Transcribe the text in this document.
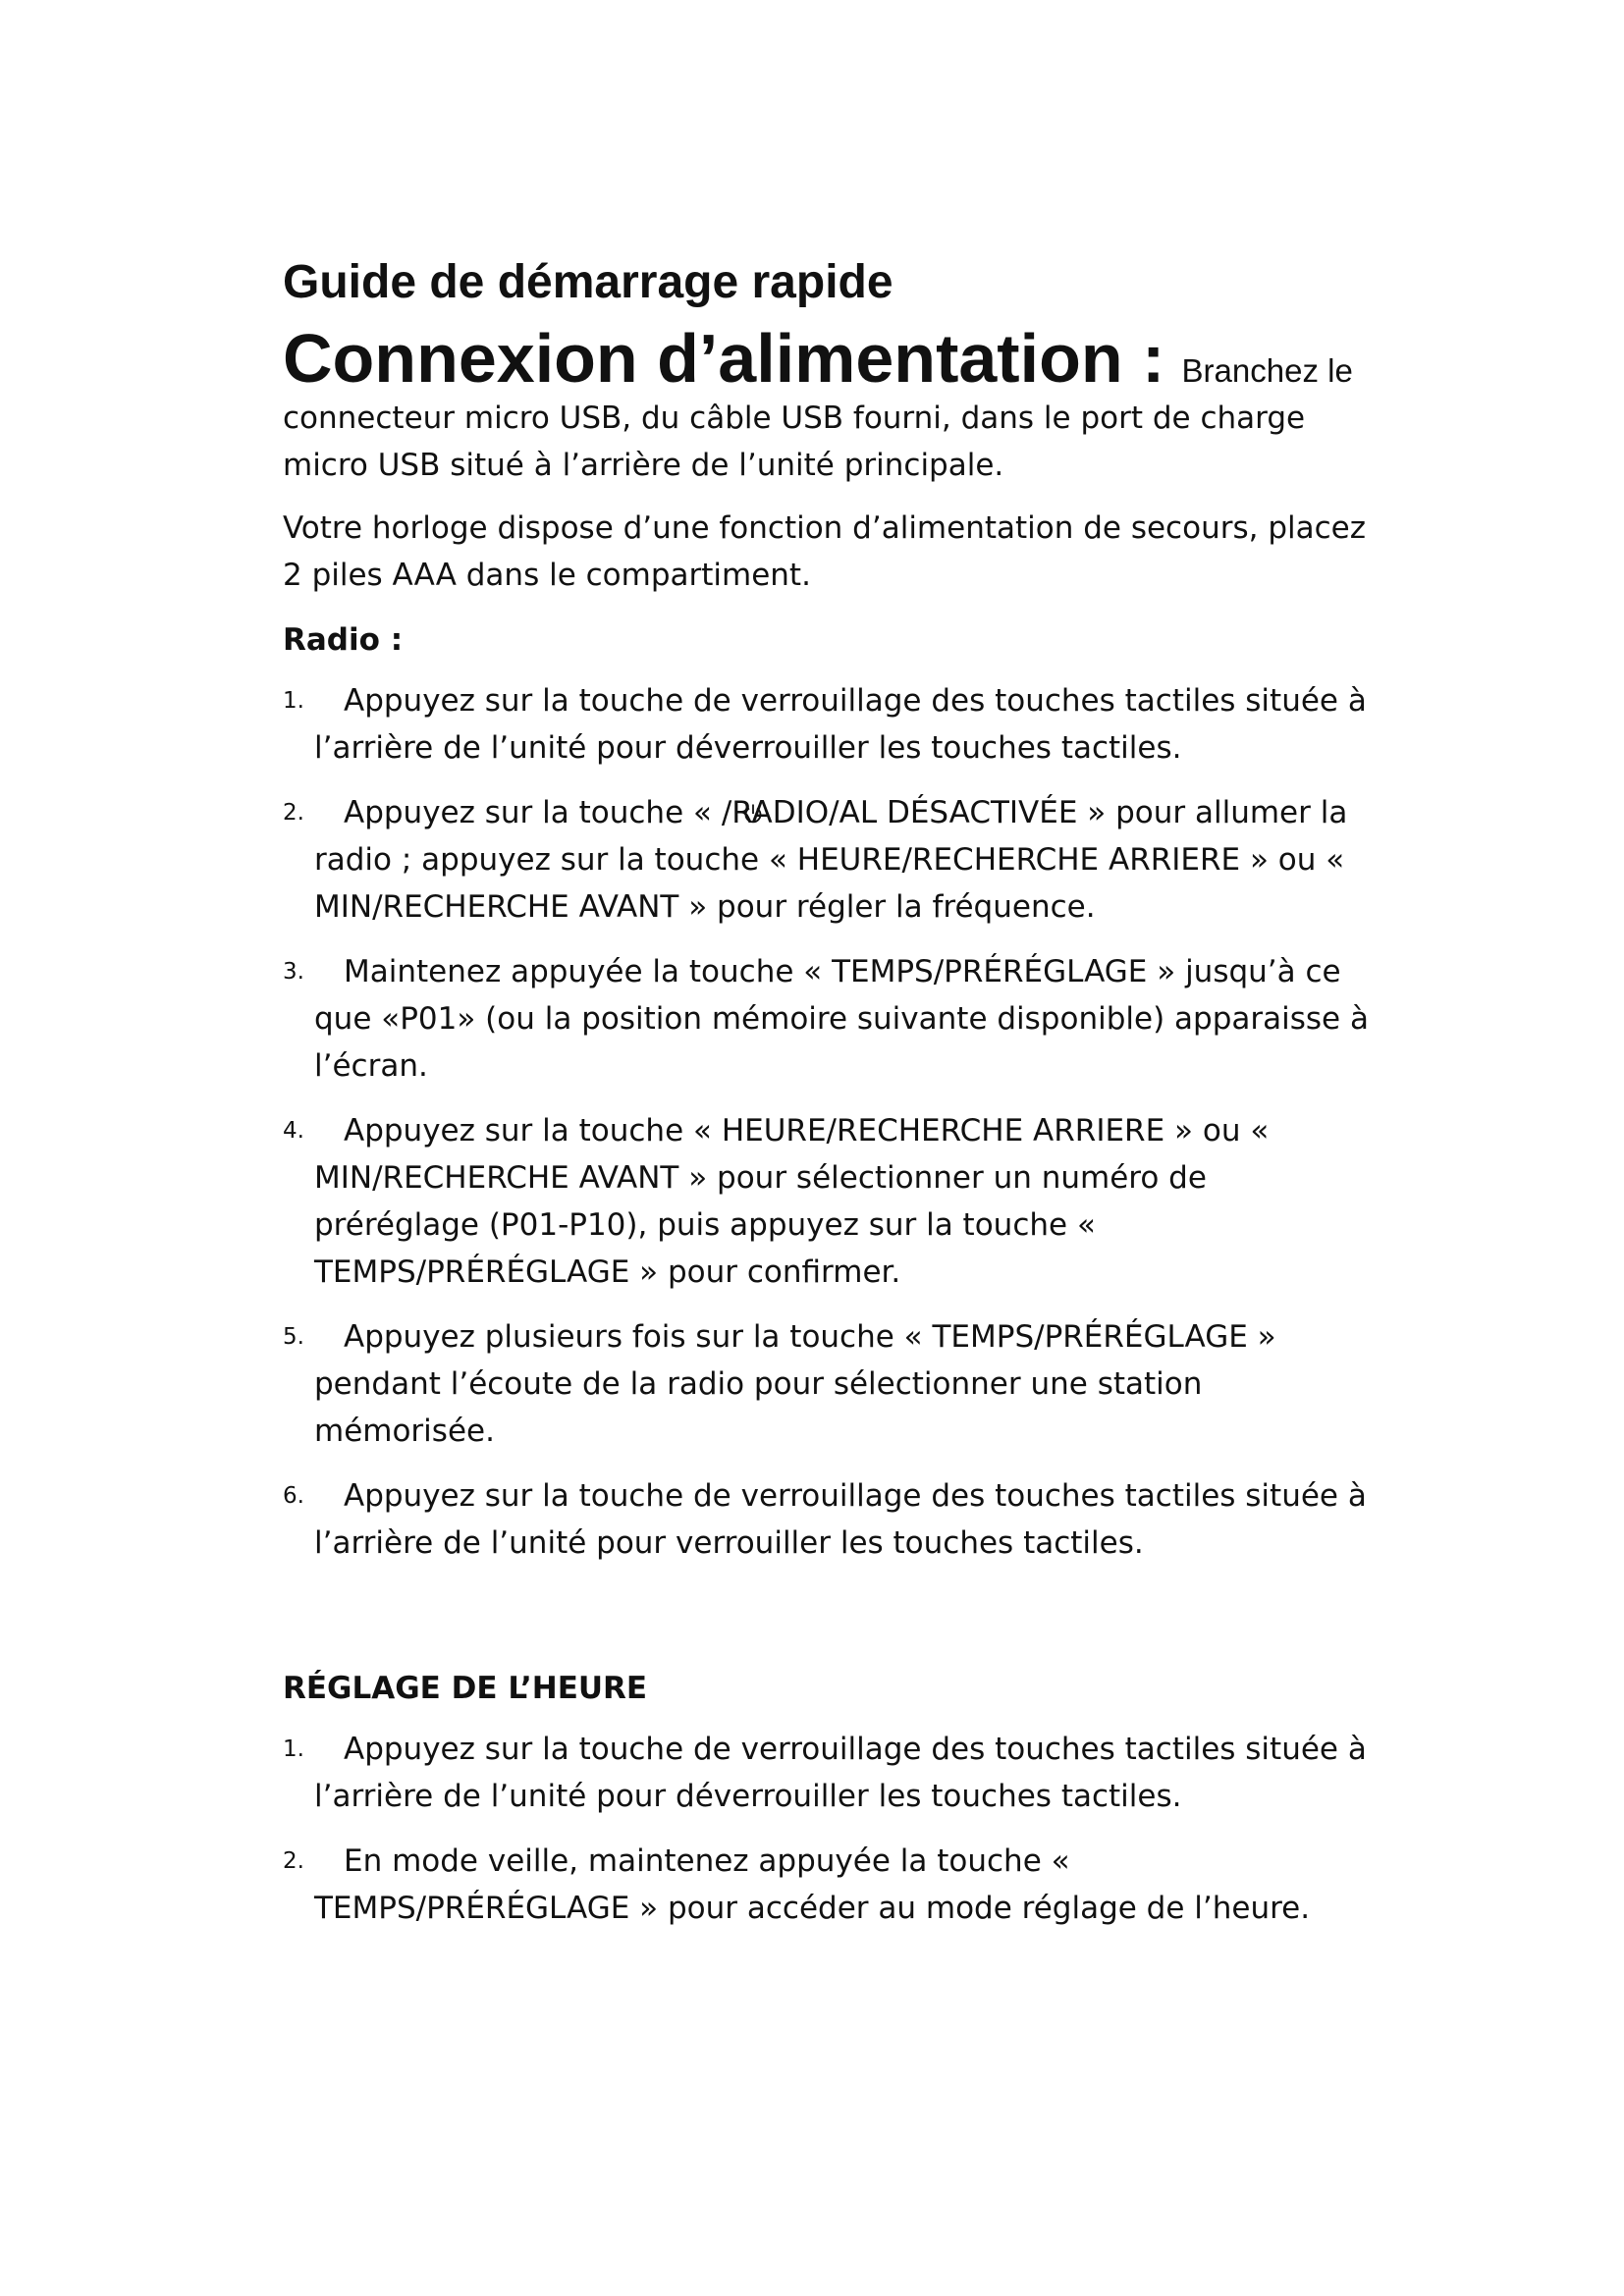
Guide de démarrage rapide

Connexion d’alimentation : Branchez le

connecteur micro USB, du câble USB fourni, dans le port de charge micro USB situé à l’arrière de l’unité principale.

Votre horloge dispose d’une fonction d’alimentation de secours, placez 2 piles AAA dans le compartiment.

Radio :
1.	Appuyez sur la touche de verrouillage des touches tactiles située à l’arrière de l’unité pour déverrouiller les touches tactiles.
2.	Appuyez sur la touche « /RADIO/AL DÉSACTIVÉE » pour allumer la radio ; appuyez sur la touche « HEURE/RECHERCHE ARRIERE » ou « MIN/RECHERCHE AVANT » pour régler la fréquence.
3.	Maintenez appuyée la touche « TEMPS/PRÉRÉGLAGE » jusqu’à ce que «P01» (ou la position mémoire suivante disponible) apparaisse à l’écran.
4.	Appuyez sur la touche « HEURE/RECHERCHE ARRIERE » ou « MIN/RECHERCHE AVANT » pour sélectionner un numéro de préréglage (P01-P10), puis appuyez sur la touche « TEMPS/PRÉRÉGLAGE » pour confirmer.
5.	Appuyez plusieurs fois sur la touche « TEMPS/PRÉRÉGLAGE » pendant l’écoute de la radio pour sélectionner une station mémorisée.
6.	Appuyez sur la touche de verrouillage des touches tactiles située à l’arrière de l’unité pour verrouiller les touches tactiles.
RÉGLAGE DE L’HEURE
1.	Appuyez sur la touche de verrouillage des touches tactiles située à l’arrière de l’unité pour déverrouiller les touches tactiles.
2.	En mode veille, maintenez appuyée la touche « TEMPS/PRÉRÉGLAGE » pour accéder au mode réglage de l’heure.
